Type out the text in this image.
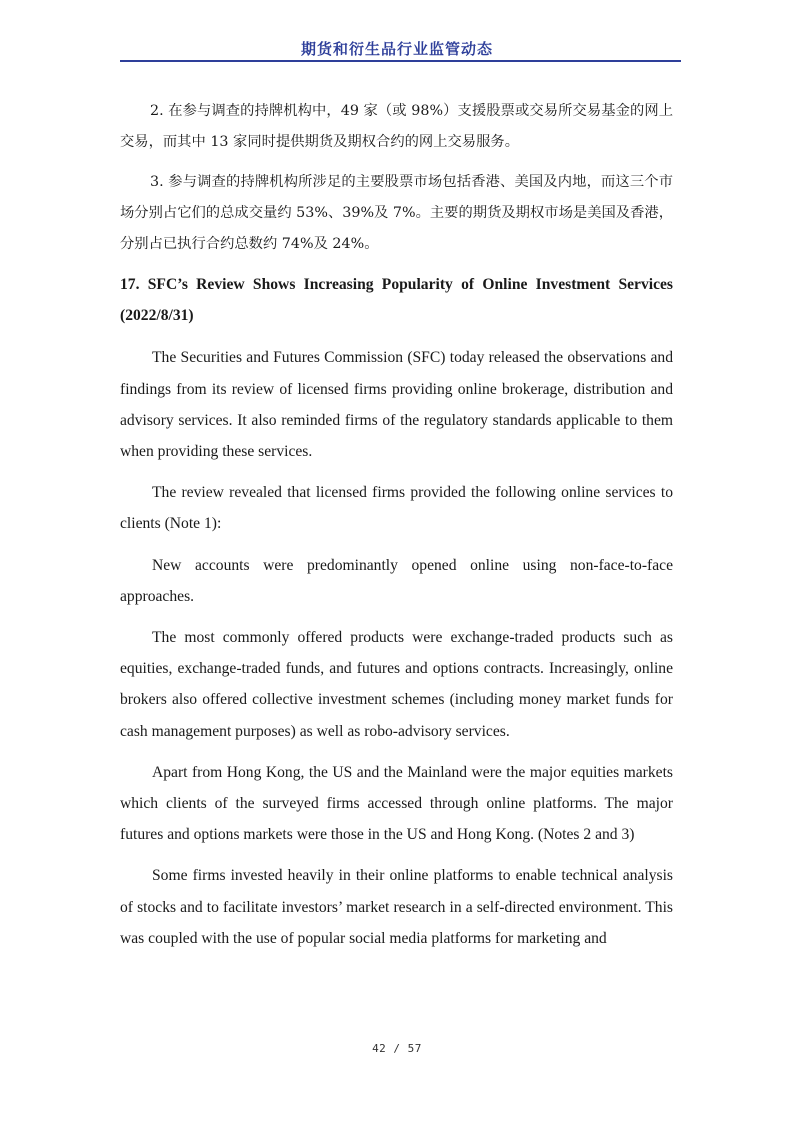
期货和衍生品行业监管动态

2. 在参与调查的持牌机构中，49 家（或 98%）支援股票或交易所交易基金的网上交易，而其中 13 家同时提供期货及期权合约的网上交易服务。

3. 参与调查的持牌机构所涉足的主要股票市场包括香港、美国及内地，而这三个市场分别占它们的总成交量约 53%、39%及 7%。主要的期货及期权市场是美国及香港，分别占已执行合约总数约 74%及 24%。

17. SFC’s Review Shows Increasing Popularity of Online Investment Services (2022/8/31)

The Securities and Futures Commission (SFC) today released the observations and findings from its review of licensed firms providing online brokerage, distribution and advisory services. It also reminded firms of the regulatory standards applicable to them when providing these services.

The review revealed that licensed firms provided the following online services to clients (Note 1):

New accounts were predominantly opened online using non-face-to-face approaches.

The most commonly offered products were exchange-traded products such as equities, exchange-traded funds, and futures and options contracts. Increasingly, online brokers also offered collective investment schemes (including money market funds for cash management purposes) as well as robo-advisory services.

Apart from Hong Kong, the US and the Mainland were the major equities markets which clients of the surveyed firms accessed through online platforms. The major futures and options markets were those in the US and Hong Kong. (Notes 2 and 3)

Some firms invested heavily in their online platforms to enable technical analysis of stocks and to facilitate investors’ market research in a self-directed environment. This was coupled with the use of popular social media platforms for marketing and

42 / 57
